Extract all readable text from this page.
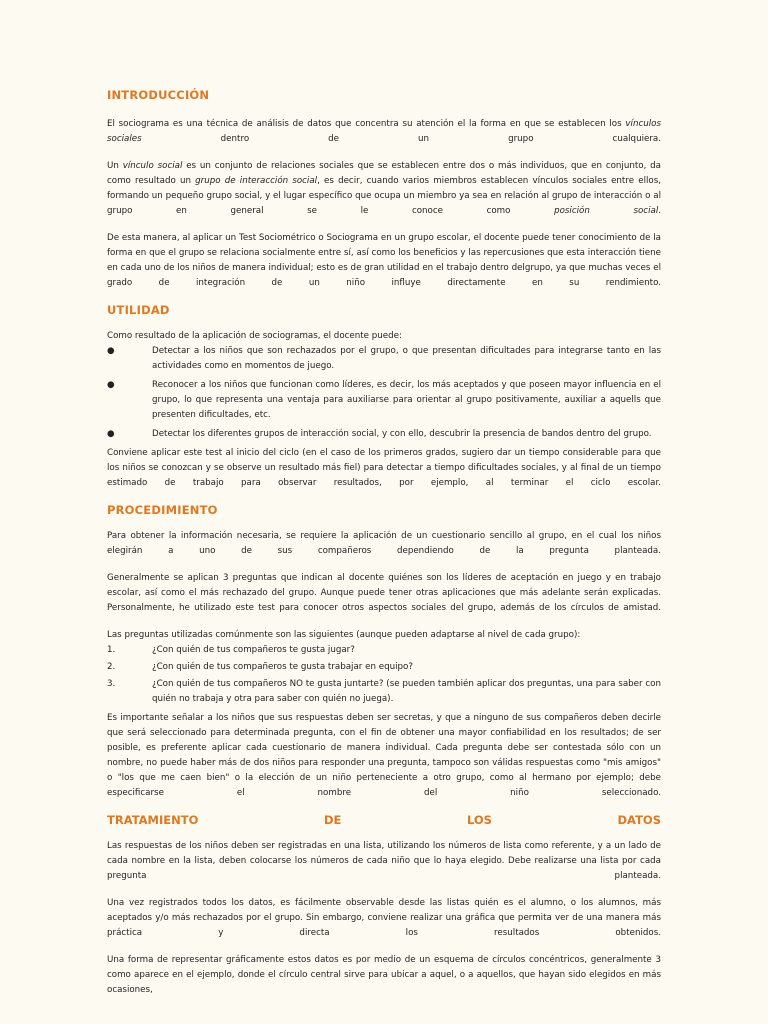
INTRODUCCIÓN

El sociograma es una técnica de análisis de datos que concentra su atención el la forma en que se establecen los vínculos sociales	dentro de un grupo cualquiera.

Un vínculo social es un conjunto de relaciones sociales que se establecen entre dos o más individuos, que en conjunto, da como resultado un grupo de interacción social, es decir, cuando varios miembros establecen vínculos sociales entre ellos, formando un pequeño grupo social, y el lugar específico que ocupa un miembro ya sea en relación al grupo de interacción o al grupo en general se le conoce como	posición social.

De esta manera, al aplicar un Test Sociométrico o Sociograma en un grupo escolar, el docente puede tener conocimiento de la forma en que el grupo se relaciona socialmente entre sí, así como los beneficios y las repercusiones que esta interacción tiene en cada uno de los niños de manera individual; esto es de gran utilidad en el trabajo dentro delgrupo, ya que muchas veces el grado de integración de un niño influye directamente en su rendimiento.

UTILIDAD

Como resultado de la aplicación de sociogramas, el docente puede:

●	Detectar a los niños que son rechazados por el grupo, o que presentan dificultades para integrarse tanto en las actividades como en momentos de juego.
●	Reconocer a los niños que funcionan como líderes, es decir, los más aceptados y que poseen mayor influencia en el grupo, lo que representa una ventaja para auxiliarse para orientar al grupo positivamente, auxiliar a aquells que presenten dificultades, etc.
●	Detectar los diferentes grupos de interacción social, y con ello, descubrir la presencia de bandos dentro del grupo.

Conviene aplicar este test al inicio del ciclo (en el caso de los primeros grados, sugiero dar un tiempo considerable para que los niños se conozcan y se observe un resultado más fiel) para detectar a tiempo dificultades sociales, y al final de un tiempo estimado de trabajo para observar resultados, por ejemplo, al terminar el ciclo escolar.

PROCEDIMIENTO

Para obtener la información necesaria, se requiere la aplicación de un cuestionario sencillo al grupo, en el cual los niños elegirán a uno de sus compañeros dependiendo de la pregunta planteada.

Generalmente se aplican 3 preguntas que indican al docente quiénes son los líderes de aceptación en juego y en trabajo escolar, así como el más rechazado del grupo. Aunque puede tener otras aplicaciones que más adelante serán explicadas. Personalmente, he utilizado este test para conocer otros aspectos sociales del grupo, además de los círculos de amistad.

Las preguntas utilizadas comúnmente son las siguientes (aunque pueden adaptarse al nivel de cada grupo):

1.	¿Con quién de tus compañeros te gusta jugar?
2.	¿Con quién de tus compañeros te gusta trabajar en equipo?
3.	¿Con quién de tus compañeros NO te gusta juntarte? (se pueden también aplicar dos preguntas, una para saber con quién no trabaja y otra para saber con quién no juega).

Es importante señalar a los niños que sus respuestas deben ser secretas, y que a ninguno de sus compañeros deben decirle que será seleccionado para determinada pregunta, con el fin de obtener una mayor confiabilidad en los resultados; de ser posible, es preferente aplicar cada cuestionario de manera individual. Cada pregunta debe ser contestada sólo con un nombre, no puede haber más de dos niños para responder una pregunta, tampoco son válidas respuestas como "mis amigos" o "los que me caen bien" o la elección de un niño perteneciente a otro grupo, como al hermano por ejemplo; debe especificarse el nombre del niño seleccionado.

TRATAMIENTO	DE	LOS	DATOS

Las respuestas de los niños deben ser registradas en una lista, utilizando los números de lista como referente, y a un lado de cada nombre en la lista, deben colocarse los números de cada niño que lo haya elegido. Debe realizarse una lista por cada pregunta planteada.

Una vez registrados todos los datos, es fácilmente observable desde las listas quién es el alumno, o los alumnos, más aceptados y/o más rechazados por el grupo. Sin embargo, conviene realizar una gráfica que permita ver de una manera más práctica y directa los resultados obtenidos.

Una forma de representar gráficamente estos datos es por medio de un esquema de círculos concéntricos, generalmente 3 como aparece en el ejemplo, donde el círculo central sirve para ubicar a aquel, o a aquellos, que hayan sido elegidos en más ocasiones,
